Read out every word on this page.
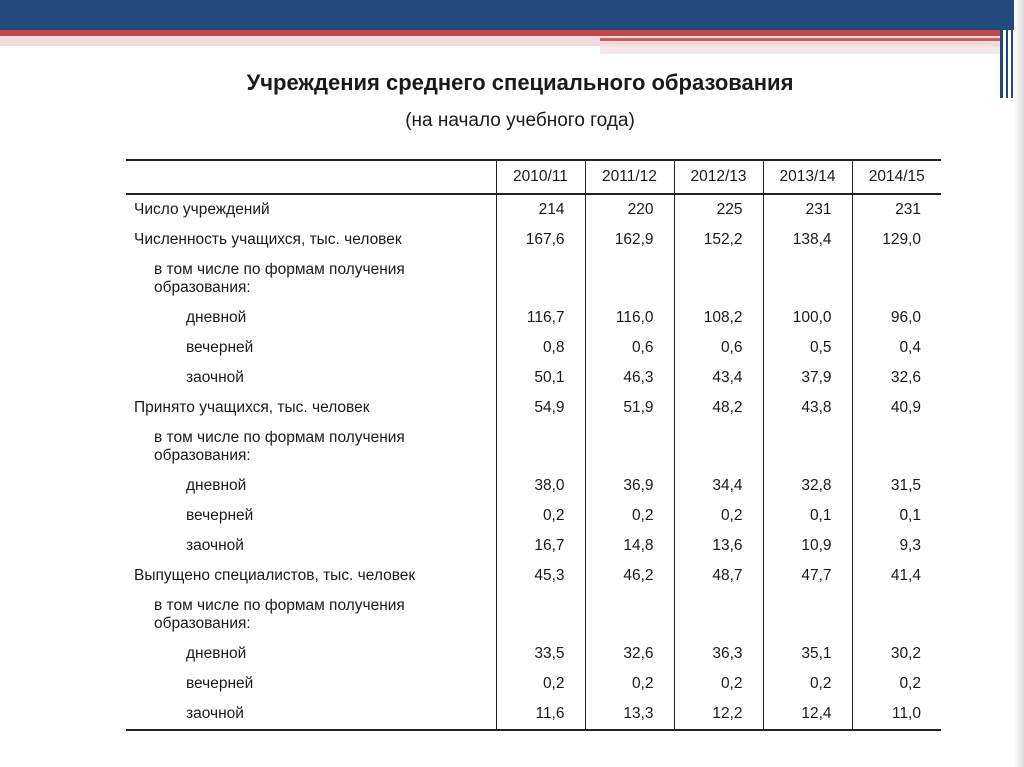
Учреждения среднего специального образования
(на начало учебного года)
	2010/11	2011/12	2012/13	2013/14	2014/15
Число учреждений	214	220	225	231	231
Численность учащихся, тыс. человек	167,6	162,9	152,2	138,4	129,0
в том числе по формам получения образования:					
дневной	116,7	116,0	108,2	100,0	96,0
вечерней	0,8	0,6	0,6	0,5	0,4
заочной	50,1	46,3	43,4	37,9	32,6
Принято учащихся, тыс. человек	54,9	51,9	48,2	43,8	40,9
в том числе по формам получения образования:					
дневной	38,0	36,9	34,4	32,8	31,5
вечерней	0,2	0,2	0,2	0,1	0,1
заочной	16,7	14,8	13,6	10,9	9,3
Выпущено специалистов, тыс. человек	45,3	46,2	48,7	47,7	41,4
в том числе по формам получения образования:					
дневной	33,5	32,6	36,3	35,1	30,2
вечерней	0,2	0,2	0,2	0,2	0,2
заочной	11,6	13,3	12,2	12,4	11,0
